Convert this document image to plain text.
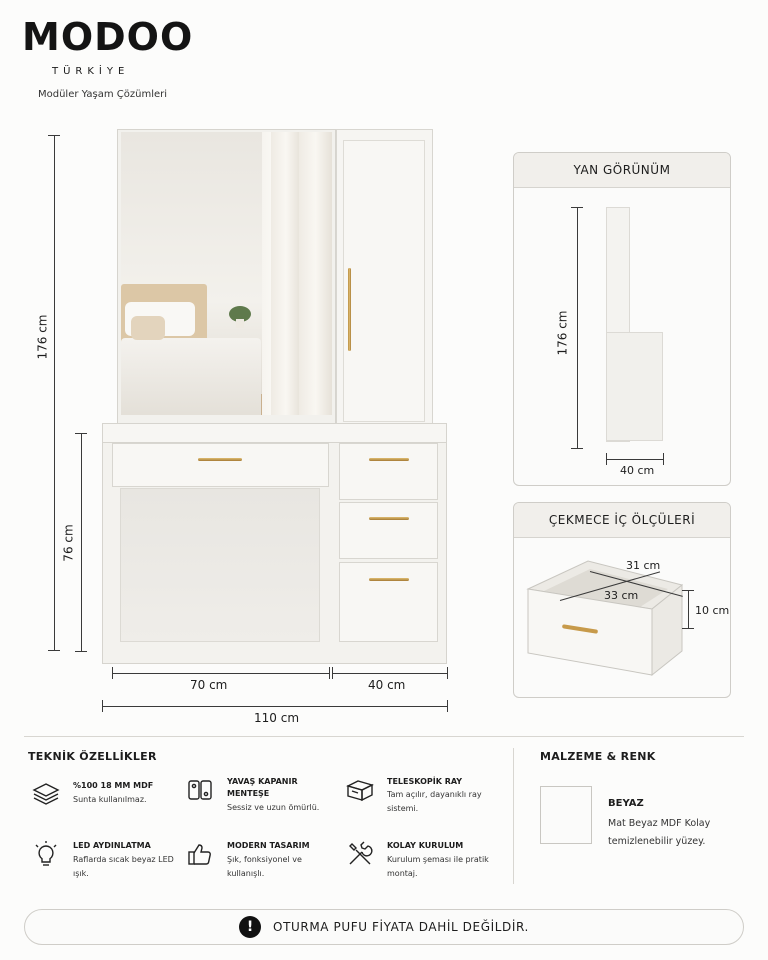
MODOO
TÜRKİYE
Modüler Yaşam Çözümleri
176 cm
76 cm
70 cm	40 cm
110 cm
YAN GÖRÜNÜM
176 cm
40 cm
ÇEKMECE İÇ ÖLÇÜLERİ
31 cm
33 cm
10 cm
TEKNİK ÖZELLİKLER
%100 18 MM MDF
Sunta kullanılmaz.
YAVAŞ KAPANIR MENTEŞE
Sessiz ve uzun ömürlü.
TELESKOPİK RAY
Tam açılır, dayanıklı ray sistemi.
LED AYDINLATMA
Raflarda sıcak beyaz LED ışık.
MODERN TASARIM
Şık, fonksiyonel ve kullanışlı.
KOLAY KURULUM
Kurulum şeması ile pratik montaj.
MALZEME & RENK
BEYAZ
Mat Beyaz MDF Kolay temizlenebilir yüzey.
!	OTURMA PUFU FİYATA DAHİL DEĞİLDİR.
